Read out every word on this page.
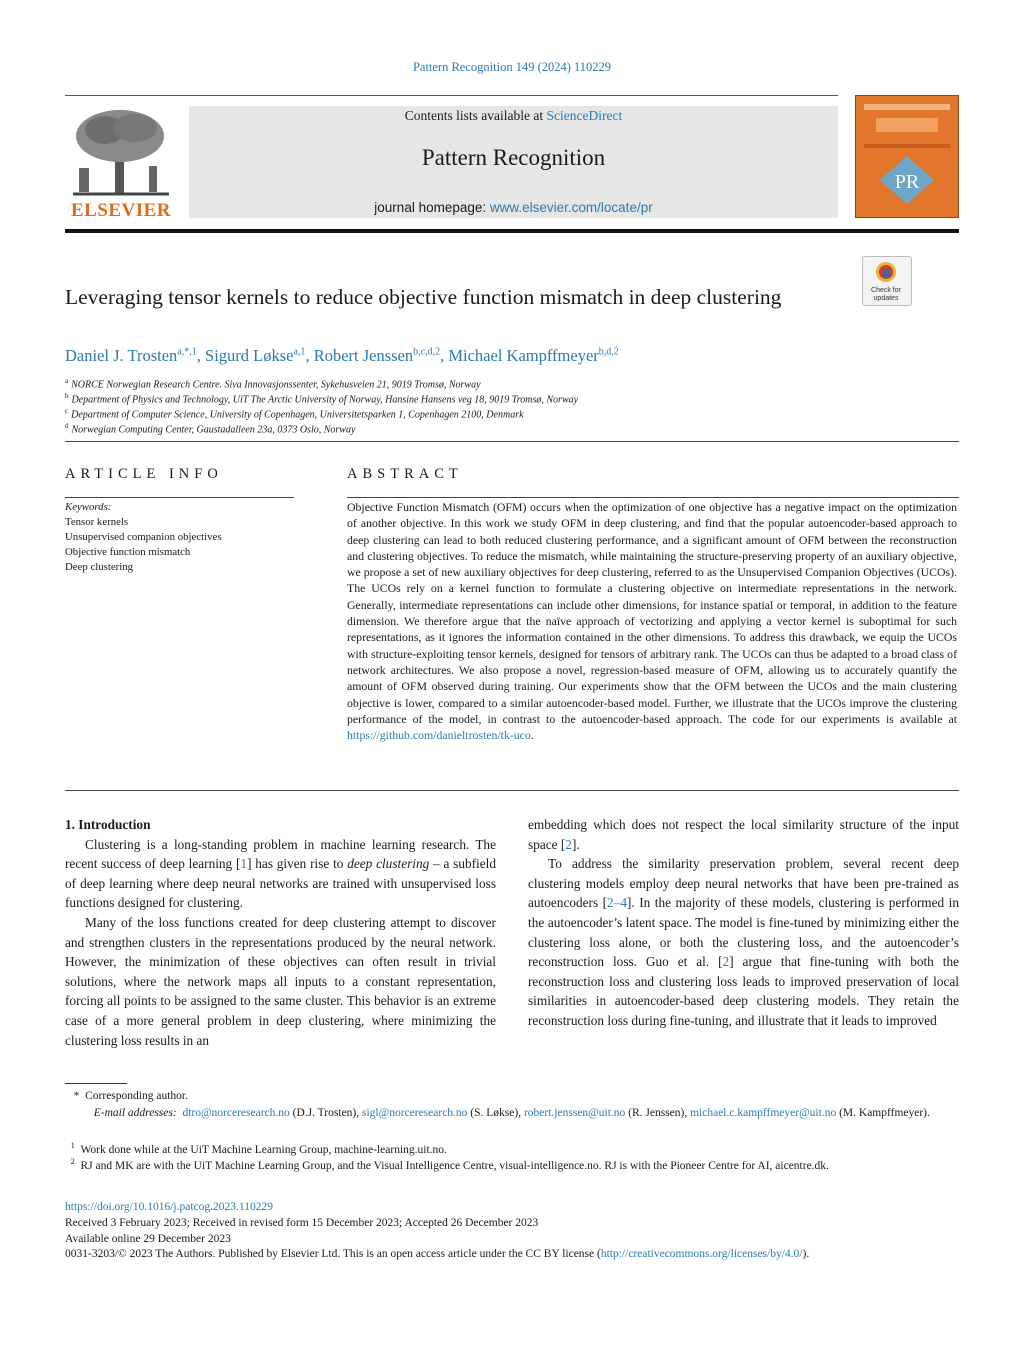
Pattern Recognition 149 (2024) 110229
ELSEVIER
Contents lists available at ScienceDirect
Pattern Recognition
journal homepage: www.elsevier.com/locate/pr
PR
Check for
updates
Leveraging tensor kernels to reduce objective function mismatch in deep clustering
Daniel J. Trosten$^{a,*,1}$, Sigurd Løkse$^{a,1}$, Robert Jenssen$^{b,c,d,2}$, Michael Kampffmeyer$^{b,d,2}$
$^a$ NORCE Norwegian Research Centre. Siva Innovasjonssenter, Sykehusveien 21, 9019 Tromsø, Norway
$^b$ Department of Physics and Technology, UiT The Arctic University of Norway, Hansine Hansens veg 18, 9019 Tromsø, Norway
$^c$ Department of Computer Science, University of Copenhagen, Universitetsparken 1, Copenhagen 2100, Denmark
$^d$ Norwegian Computing Center, Gaustadalleen 23a, 0373 Oslo, Norway
ARTICLE INFO
Keywords:
Tensor kernels
Unsupervised companion objectives
Objective function mismatch
Deep clustering
ABSTRACT
Objective Function Mismatch (OFM) occurs when the optimization of one objective has a negative impact on the optimization of another objective. In this work we study OFM in deep clustering, and find that the popular autoencoder-based approach to deep clustering can lead to both reduced clustering performance, and a significant amount of OFM between the reconstruction and clustering objectives. To reduce the mismatch, while maintaining the structure-preserving property of an auxiliary objective, we propose a set of new auxiliary objectives for deep clustering, referred to as the Unsupervised Companion Objectives (UCOs). The UCOs rely on a kernel function to formulate a clustering objective on intermediate representations in the network. Generally, intermediate representations can include other dimensions, for instance spatial or temporal, in addition to the feature dimension. We therefore argue that the naïve approach of vectorizing and applying a vector kernel is suboptimal for such representations, as it ignores the information contained in the other dimensions. To address this drawback, we equip the UCOs with structure-exploiting tensor kernels, designed for tensors of arbitrary rank. The UCOs can thus be adapted to a broad class of network architectures. We also propose a novel, regression-based measure of OFM, allowing us to accurately quantify the amount of OFM observed during training. Our experiments show that the OFM between the UCOs and the main clustering objective is lower, compared to a similar autoencoder-based model. Further, we illustrate that the UCOs improve the clustering performance of the model, in contrast to the autoencoder-based approach. The code for our experiments is available at https://github.com/danieltrosten/tk-uco.

1. Introduction

Clustering is a long-standing problem in machine learning research. The recent success of deep learning [1] has given rise to deep clustering – a subfield of deep learning where deep neural networks are trained with unsupervised loss functions designed for clustering.

Many of the loss functions created for deep clustering attempt to discover and strengthen clusters in the representations produced by the neural network. However, the minimization of these objectives can often result in trivial solutions, where the network maps all inputs to a constant representation, forcing all points to be assigned to the same cluster. This behavior is an extreme case of a more general problem in deep clustering, where minimizing the clustering loss results in an

embedding which does not respect the local similarity structure of the input space [2].

To address the similarity preservation problem, several recent deep clustering models employ deep neural networks that have been pre-trained as autoencoders [2–4]. In the majority of these models, clustering is performed in the autoencoder’s latent space. The model is fine-tuned by minimizing either the clustering loss alone, or both the clustering loss, and the autoencoder’s reconstruction loss. Guo et al. [2] argue that fine-tuning with both the reconstruction loss and clustering loss leads to improved preservation of local similarities in autoencoder-based deep clustering models. They retain the reconstruction loss during fine-tuning, and illustrate that it leads to improved

*  Corresponding author.
E-mail addresses: dtro@norceresearch.no (D.J. Trosten), sigl@norceresearch.no (S. Løkse), robert.jenssen@uit.no (R. Jenssen), michael.c.kampffmeyer@uit.no (M. Kampffmeyer).
$^1$ Work done while at the UiT Machine Learning Group, machine-learning.uit.no.
$^2$ RJ and MK are with the UiT Machine Learning Group, and the Visual Intelligence Centre, visual-intelligence.no. RJ is with the Pioneer Centre for AI, aicentre.dk.
https://doi.org/10.1016/j.patcog.2023.110229
Received 3 February 2023; Received in revised form 15 December 2023; Accepted 26 December 2023
Available online 29 December 2023
0031-3203/© 2023 The Authors. Published by Elsevier Ltd. This is an open access article under the CC BY license (http://creativecommons.org/licenses/by/4.0/).
